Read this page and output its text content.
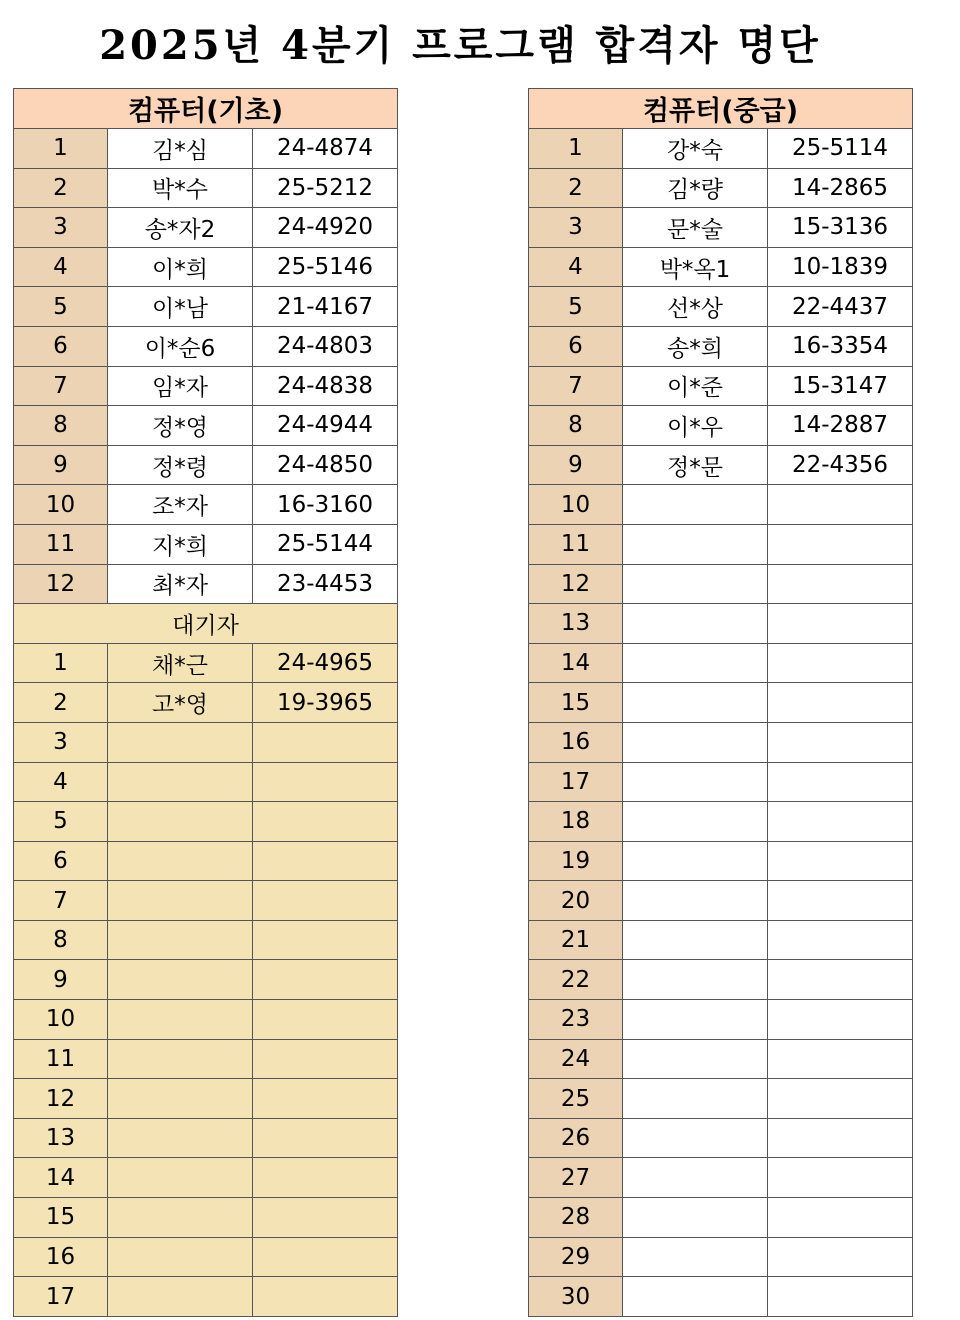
2025년 4분기 프로그램 합격자 명단
컴퓨터(기초)		
1	김*심	24-4874
2	박*수	25-5212
3	송*자2	24-4920
4	이*희	25-5146
5	이*남	21-4167
6	이*순6	24-4803
7	임*자	24-4838
8	정*영	24-4944
9	정*령	24-4850
10	조*자	16-3160
11	지*희	25-5144
12	최*자	23-4453
대기자		
1	채*근	24-4965
2	고*영	19-3965
3		
4		
5		
6		
7		
8		
9		
10		
11		
12		
13		
14		
15		
16		
17		
컴퓨터(중급)		
1	강*숙	25-5114
2	김*량	14-2865
3	문*술	15-3136
4	박*옥1	10-1839
5	선*상	22-4437
6	송*희	16-3354
7	이*준	15-3147
8	이*우	14-2887
9	정*문	22-4356
10		
11		
12		
13		
14		
15		
16		
17		
18		
19		
20		
21		
22		
23		
24		
25		
26		
27		
28		
29		
30		
